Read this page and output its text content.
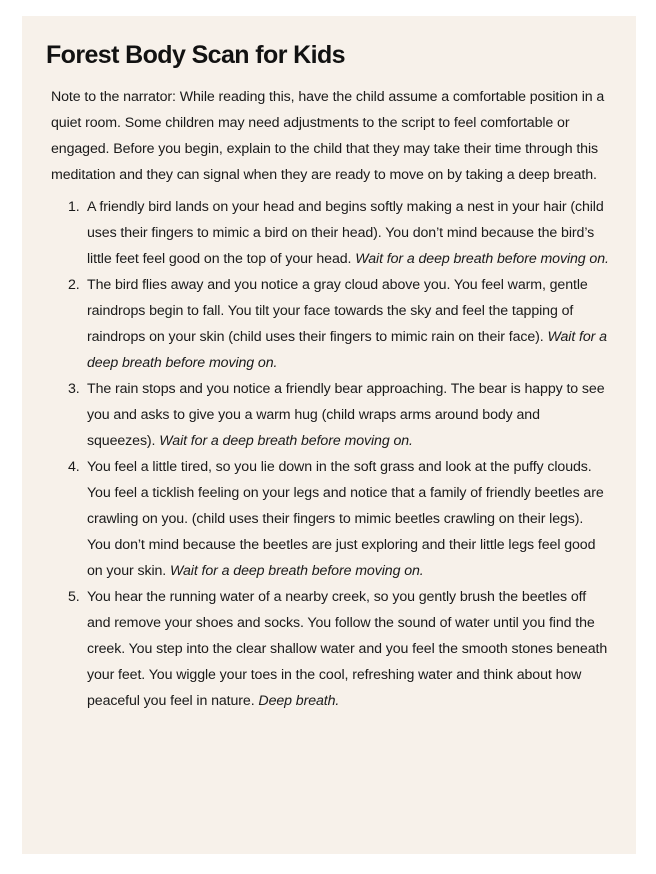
Forest Body Scan for Kids

Note to the narrator: While reading this, have the child assume a comfortable position in a quiet room. Some children may need adjustments to the script to feel comfortable or engaged. Before you begin, explain to the child that they may take their time through this meditation and they can signal when they are ready to move on by taking a deep breath.

1. A friendly bird lands on your head and begins softly making a nest in your hair (child uses their fingers to mimic a bird on their head). You don’t mind because the bird’s little feet feel good on the top of your head. Wait for a deep breath before moving on.
2. The bird flies away and you notice a gray cloud above you. You feel warm, gentle raindrops begin to fall. You tilt your face towards the sky and feel the tapping of raindrops on your skin (child uses their fingers to mimic rain on their face). Wait for a deep breath before moving on.
3. The rain stops and you notice a friendly bear approaching. The bear is happy to see you and asks to give you a warm hug (child wraps arms around body and squeezes). Wait for a deep breath before moving on.
4. You feel a little tired, so you lie down in the soft grass and look at the puffy clouds. You feel a ticklish feeling on your legs and notice that a family of friendly beetles are crawling on you. (child uses their fingers to mimic beetles crawling on their legs). You don’t mind because the beetles are just exploring and their little legs feel good on your skin. Wait for a deep breath before moving on.
5. You hear the running water of a nearby creek, so you gently brush the beetles off and remove your shoes and socks. You follow the sound of water until you find the creek. You step into the clear shallow water and you feel the smooth stones beneath your feet. You wiggle your toes in the cool, refreshing water and think about how peaceful you feel in nature. Deep breath.
